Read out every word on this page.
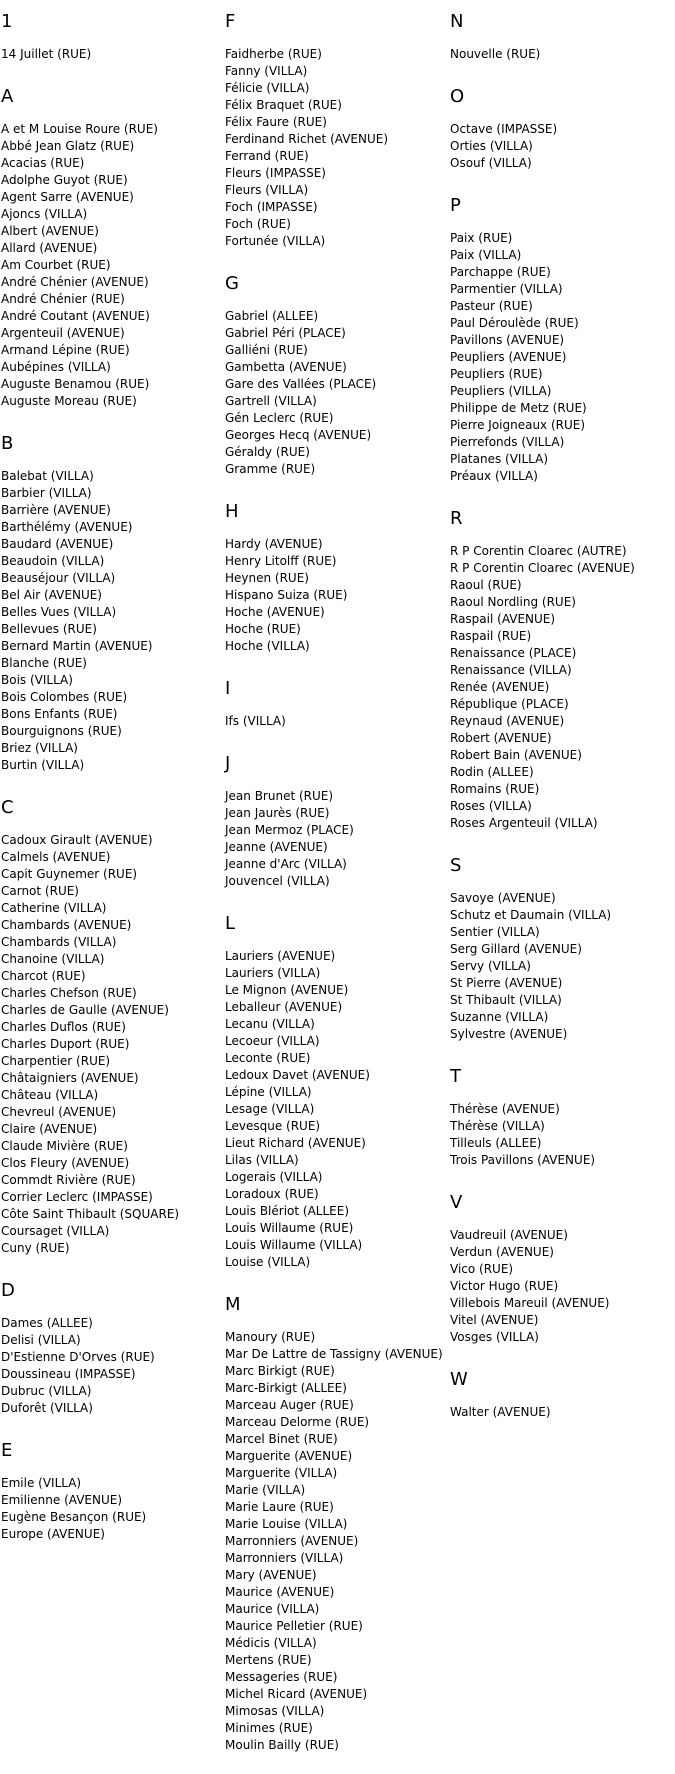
1
14 Juillet (RUE)
A
A et M Louise Roure (RUE)
Abbé Jean Glatz (RUE)
Acacias (RUE)
Adolphe Guyot (RUE)
Agent Sarre (AVENUE)
Ajoncs (VILLA)
Albert (AVENUE)
Allard (AVENUE)
Am Courbet (RUE)
André Chénier (AVENUE)
André Chénier (RUE)
André Coutant (AVENUE)
Argenteuil (AVENUE)
Armand Lépine (RUE)
Aubépines (VILLA)
Auguste Benamou (RUE)
Auguste Moreau (RUE)
B
Balebat (VILLA)
Barbier (VILLA)
Barrière (AVENUE)
Barthélémy (AVENUE)
Baudard (AVENUE)
Beaudoin (VILLA)
Beauséjour (VILLA)
Bel Air (AVENUE)
Belles Vues (VILLA)
Bellevues (RUE)
Bernard Martin (AVENUE)
Blanche (RUE)
Bois (VILLA)
Bois Colombes (RUE)
Bons Enfants (RUE)
Bourguignons (RUE)
Briez (VILLA)
Burtin (VILLA)
C
Cadoux Girault (AVENUE)
Calmels (AVENUE)
Capit Guynemer (RUE)
Carnot (RUE)
Catherine (VILLA)
Chambards (AVENUE)
Chambards (VILLA)
Chanoine (VILLA)
Charcot (RUE)
Charles Chefson (RUE)
Charles de Gaulle (AVENUE)
Charles Duflos (RUE)
Charles Duport (RUE)
Charpentier (RUE)
Châtaigniers (AVENUE)
Château (VILLA)
Chevreul (AVENUE)
Claire (AVENUE)
Claude Mivière (RUE)
Clos Fleury (AVENUE)
Commdt Rivière (RUE)
Corrier Leclerc (IMPASSE)
Côte Saint Thibault (SQUARE)
Coursaget (VILLA)
Cuny (RUE)
D
Dames (ALLEE)
Delisi (VILLA)
D'Estienne D'Orves (RUE)
Doussineau (IMPASSE)
Dubruc (VILLA)
Duforêt (VILLA)
E
Emile (VILLA)
Emilienne (AVENUE)
Eugène Besançon (RUE)
Europe (AVENUE)
F
Faidherbe (RUE)
Fanny (VILLA)
Félicie (VILLA)
Félix Braquet (RUE)
Félix Faure (RUE)
Ferdinand Richet (AVENUE)
Ferrand (RUE)
Fleurs (IMPASSE)
Fleurs (VILLA)
Foch (IMPASSE)
Foch (RUE)
Fortunée (VILLA)
G
Gabriel (ALLEE)
Gabriel Péri (PLACE)
Galliéni (RUE)
Gambetta (AVENUE)
Gare des Vallées (PLACE)
Gartrell (VILLA)
Gén Leclerc (RUE)
Georges Hecq (AVENUE)
Géraldy (RUE)
Gramme (RUE)
H
Hardy (AVENUE)
Henry Litolff (RUE)
Heynen (RUE)
Hispano Suiza (RUE)
Hoche (AVENUE)
Hoche (RUE)
Hoche (VILLA)
I
Ifs (VILLA)
J
Jean Brunet (RUE)
Jean Jaurès (RUE)
Jean Mermoz (PLACE)
Jeanne (AVENUE)
Jeanne d'Arc (VILLA)
Jouvencel (VILLA)
L
Lauriers (AVENUE)
Lauriers (VILLA)
Le Mignon (AVENUE)
Leballeur (AVENUE)
Lecanu (VILLA)
Lecoeur (VILLA)
Leconte (RUE)
Ledoux Davet (AVENUE)
Lépine (VILLA)
Lesage (VILLA)
Levesque (RUE)
Lieut Richard (AVENUE)
Lilas (VILLA)
Logerais (VILLA)
Loradoux (RUE)
Louis Blériot (ALLEE)
Louis Willaume (RUE)
Louis Willaume (VILLA)
Louise (VILLA)
M
Manoury (RUE)
Mar De Lattre de Tassigny (AVENUE)
Marc Birkigt (RUE)
Marc-Birkigt (ALLEE)
Marceau Auger (RUE)
Marceau Delorme (RUE)
Marcel Binet (RUE)
Marguerite (AVENUE)
Marguerite (VILLA)
Marie (VILLA)
Marie Laure (RUE)
Marie Louise (VILLA)
Marronniers (AVENUE)
Marronniers (VILLA)
Mary (AVENUE)
Maurice (AVENUE)
Maurice (VILLA)
Maurice Pelletier (RUE)
Médicis (VILLA)
Mertens (RUE)
Messageries (RUE)
Michel Ricard (AVENUE)
Mimosas (VILLA)
Minimes (RUE)
Moulin Bailly (RUE)
N
Nouvelle (RUE)
O
Octave (IMPASSE)
Orties (VILLA)
Osouf (VILLA)
P
Paix (RUE)
Paix (VILLA)
Parchappe (RUE)
Parmentier (VILLA)
Pasteur (RUE)
Paul Déroulède (RUE)
Pavillons (AVENUE)
Peupliers (AVENUE)
Peupliers (RUE)
Peupliers (VILLA)
Philippe de Metz (RUE)
Pierre Joigneaux (RUE)
Pierrefonds (VILLA)
Platanes (VILLA)
Préaux (VILLA)
R
R P Corentin Cloarec (AUTRE)
R P Corentin Cloarec (AVENUE)
Raoul (RUE)
Raoul Nordling (RUE)
Raspail (AVENUE)
Raspail (RUE)
Renaissance (PLACE)
Renaissance (VILLA)
Renée (AVENUE)
République (PLACE)
Reynaud (AVENUE)
Robert (AVENUE)
Robert Bain (AVENUE)
Rodin (ALLEE)
Romains (RUE)
Roses (VILLA)
Roses Argenteuil (VILLA)
S
Savoye (AVENUE)
Schutz et Daumain (VILLA)
Sentier (VILLA)
Serg Gillard (AVENUE)
Servy (VILLA)
St Pierre (AVENUE)
St Thibault (VILLA)
Suzanne (VILLA)
Sylvestre (AVENUE)
T
Thérèse (AVENUE)
Thérèse (VILLA)
Tilleuls (ALLEE)
Trois Pavillons (AVENUE)
V
Vaudreuil (AVENUE)
Verdun (AVENUE)
Vico (RUE)
Victor Hugo (RUE)
Villebois Mareuil (AVENUE)
Vitel (AVENUE)
Vosges (VILLA)
W
Walter (AVENUE)
